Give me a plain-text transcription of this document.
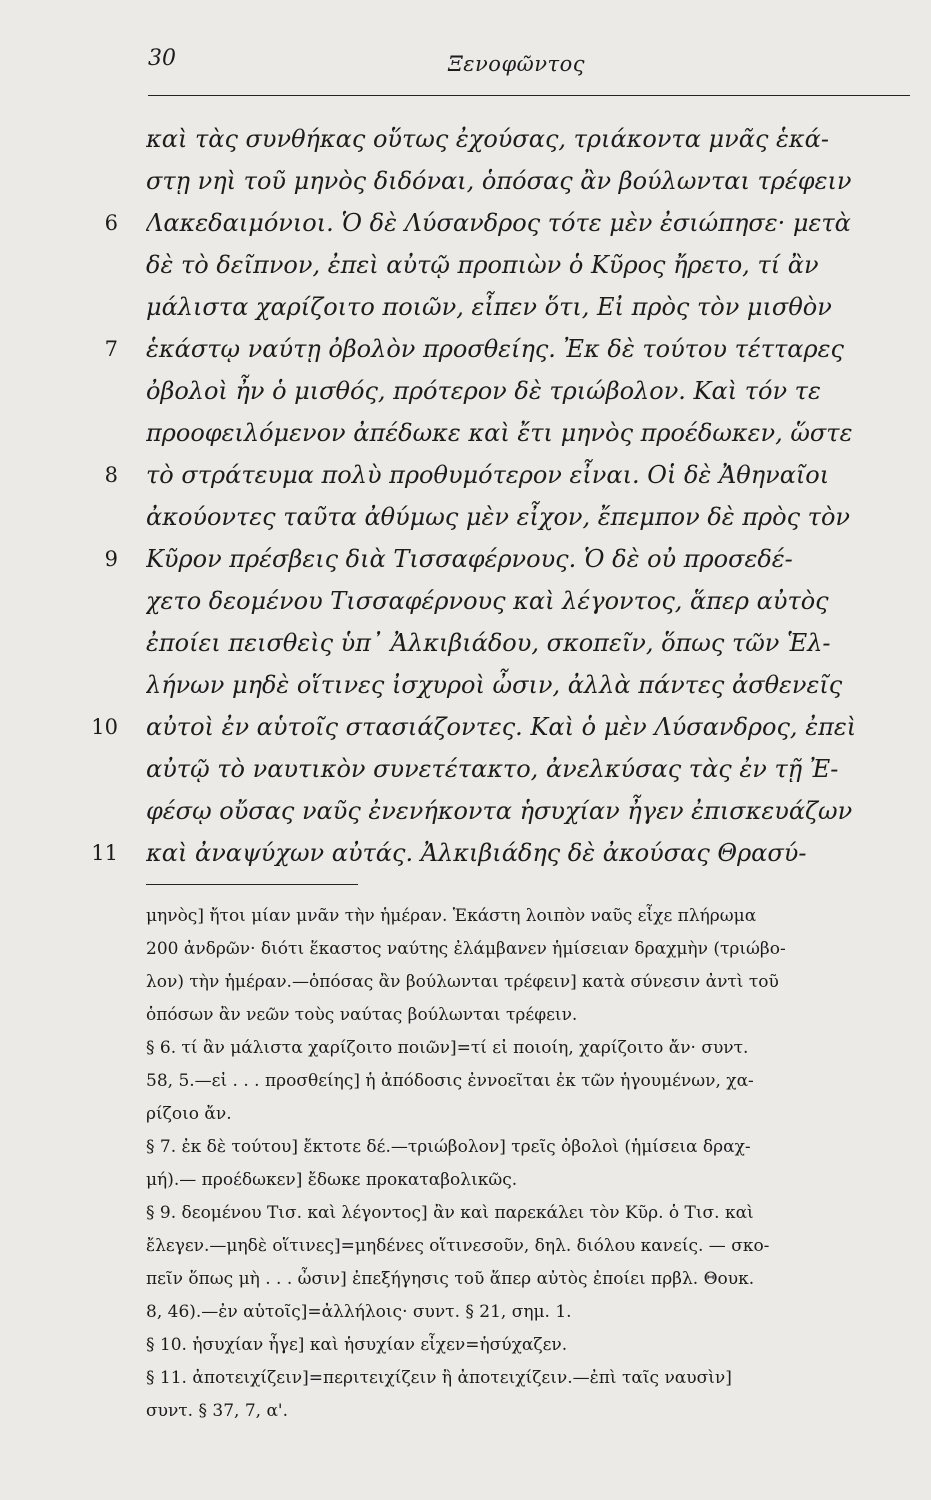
30	Ξενοφῶντος
καὶ τὰς συνθήκας οὕτως ἐχούσας, τριάκοντα μνᾶς ἑκά-
στῃ νηὶ τοῦ μηνὸς διδόναι, ὁπόσας ἂν βούλωνται τρέφειν
6 Λακεδαιμόνιοι. Ὁ δὲ Λύσανδρος τότε μὲν ἐσιώπησε· μετὰ
δὲ τὸ δεῖπνον, ἐπεὶ αὐτῷ προπιὼν ὁ Κῦρος ἤρετο, τί ἂν
μάλιστα χαρίζοιτο ποιῶν, εἶπεν ὅτι, Εἰ πρὸς τὸν μισθὸν
7 ἑκάστῳ ναύτῃ ὀβολὸν προσθείης. Ἐκ δὲ τούτου τέτταρες
ὀβολοὶ ἦν ὁ μισθός, πρότερον δὲ τριώβολον. Καὶ τόν τε
προοφειλόμενον ἀπέδωκε καὶ ἔτι μηνὸς προέδωκεν, ὥστε
8 τὸ στράτευμα πολὺ προθυμότερον εἶναι. Οἱ δὲ Ἀθηναῖοι
ἀκούοντες ταῦτα ἀθύμως μὲν εἶχον, ἔπεμπον δὲ πρὸς τὸν
9 Κῦρον πρέσβεις διὰ Τισσαφέρνους. Ὁ δὲ οὐ προσεδέ-
χετο δεομένου Τισσαφέρνους καὶ λέγοντος, ἅπερ αὐτὸς
ἐποίει πεισθεὶς ὑπ᾽ Ἀλκιβιάδου, σκοπεῖν, ὅπως τῶν Ἑλ-
λήνων μηδὲ οἵτινες ἰσχυροὶ ὦσιν, ἀλλὰ πάντες ἀσθενεῖς
10 αὐτοὶ ἐν αὑτοῖς στασιάζοντες. Καὶ ὁ μὲν Λύσανδρος, ἐπεὶ
αὐτῷ τὸ ναυτικὸν συνετέτακτο, ἀνελκύσας τὰς ἐν τῇ Ἐ-
φέσῳ οὔσας ναῦς ἐνενήκοντα ἡσυχίαν ἦγεν ἐπισκευάζων
11 καὶ ἀναψύχων αὐτάς. Ἀλκιβιάδης δὲ ἀκούσας Θρασύ-
μηνὸς] ἤτοι μίαν μνᾶν τὴν ἡμέραν. Ἑκάστη λοιπὸν ναῦς εἶχε πλήρωμα
200 ἀνδρῶν· διότι ἕκαστος ναύτης ἐλάμβανεν ἡμίσειαν δραχμὴν (τριώβο-
λον) τὴν ἡμέραν.—ὁπόσας ἂν βούλωνται τρέφειν] κατὰ σύνεσιν ἀντὶ τοῦ
ὁπόσων ἂν νεῶν τοὺς ναύτας βούλωνται τρέφειν.
§ 6. τί ἂν μάλιστα χαρίζοιτο ποιῶν]=τί εἰ ποιοίη, χαρίζοιτο ἄν· συντ.
58, 5.—εἰ . . . προσθείης] ἡ ἀπόδοσις ἐννοεῖται ἐκ τῶν ἡγουμένων, χα-
ρίζοιο ἄν.
§ 7. ἐκ δὲ τούτου] ἔκτοτε δέ.—τριώβολον] τρεῖς ὀβολοὶ (ἡμίσεια δραχ-
μή).— προέδωκεν] ἔδωκε προκαταβολικῶς.
§ 9. δεομένου Τισ. καὶ λέγοντος] ἂν καὶ παρεκάλει τὸν Κῦρ. ὁ Τισ. καὶ
ἔλεγεν.—μηδὲ οἵτινες]=μηδένες οἵτινεσοῦν, δηλ. διόλου κανείς. — σκο-
πεῖν ὅπως μὴ . . . ὦσιν] ἐπεξήγησις τοῦ ἅπερ αὐτὸς ἐποίει πρβλ. Θουκ.
8, 46).—ἐν αὑτοῖς]=ἀλλήλοις· συντ. § 21, σημ. 1.
§ 10. ἡσυχίαν ἦγε] καὶ ἡσυχίαν εἶχεν=ἡσύχαζεν.
§ 11. ἀποτειχίζειν]=περιτειχίζειν ἢ ἀποτειχίζειν.—ἐπὶ ταῖς ναυσὶν]
συντ. § 37, 7, α'.
